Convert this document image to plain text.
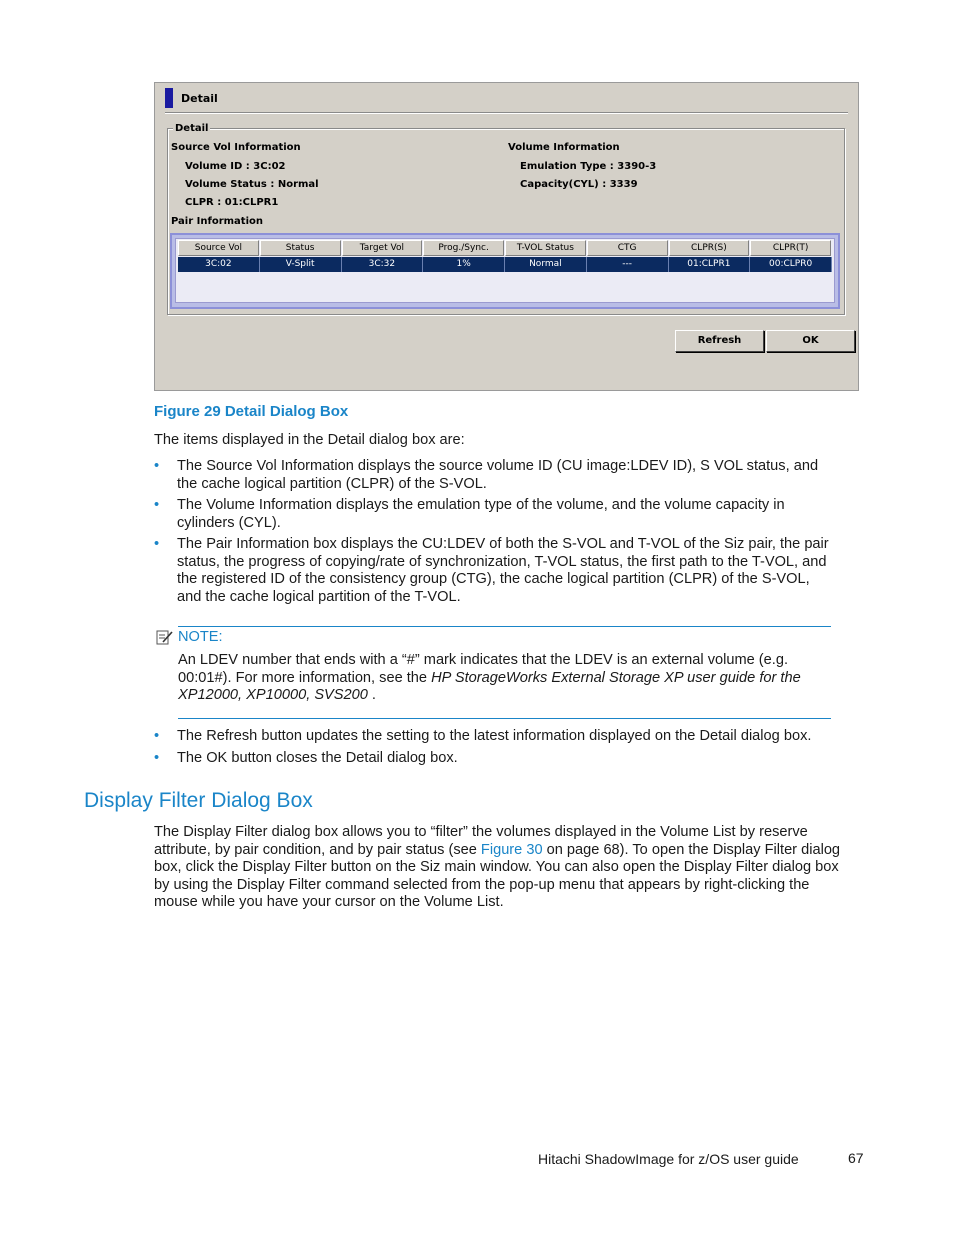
Detail
Detail
Source Vol Information
Volume ID : 3C:02
Volume Status : Normal
CLPR : 01:CLPR1
Volume Information
Emulation Type : 3390-3
Capacity(CYL) : 3339
Pair Information
Source Vol	Status	Target Vol	Prog./Sync.	T-VOL Status	CTG	CLPR(S)	CLPR(T)
3C:02	V-Split	3C:32	1%	Normal	---	01:CLPR1	00:CLPR0
Refresh	OK
Figure 29 Detail Dialog Box
The items displayed in the Detail dialog box are:
• The Source Vol Information displays the source volume ID (CU image:LDEV ID), S VOL status, and the cache logical partition (CLPR) of the S-VOL.
• The Volume Information displays the emulation type of the volume, and the volume capacity in cylinders (CYL).
• The Pair Information box displays the CU:LDEV of both the S-VOL and T-VOL of the Siz pair, the pair status, the progress of copying/rate of synchronization, T-VOL status, the first path to the T-VOL, and the registered ID of the consistency group (CTG), the cache logical partition (CLPR) of the S-VOL, and the cache logical partition of the T-VOL.
NOTE:
An LDEV number that ends with a “#” mark indicates that the LDEV is an external volume (e.g. 00:01#). For more information, see the HP StorageWorks External Storage XP user guide for the XP12000, XP10000, SVS200 .
• The Refresh button updates the setting to the latest information displayed on the Detail dialog box.
• The OK button closes the Detail dialog box.
Display Filter Dialog Box
The Display Filter dialog box allows you to “filter” the volumes displayed in the Volume List by reserve attribute, by pair condition, and by pair status (see Figure 30 on page 68). To open the Display Filter dialog box, click the Display Filter button on the Siz main window. You can also open the Display Filter dialog box by using the Display Filter command selected from the pop-up menu that appears by right-clicking the mouse while you have your cursor on the Volume List.
Hitachi ShadowImage for z/OS user guide	67
